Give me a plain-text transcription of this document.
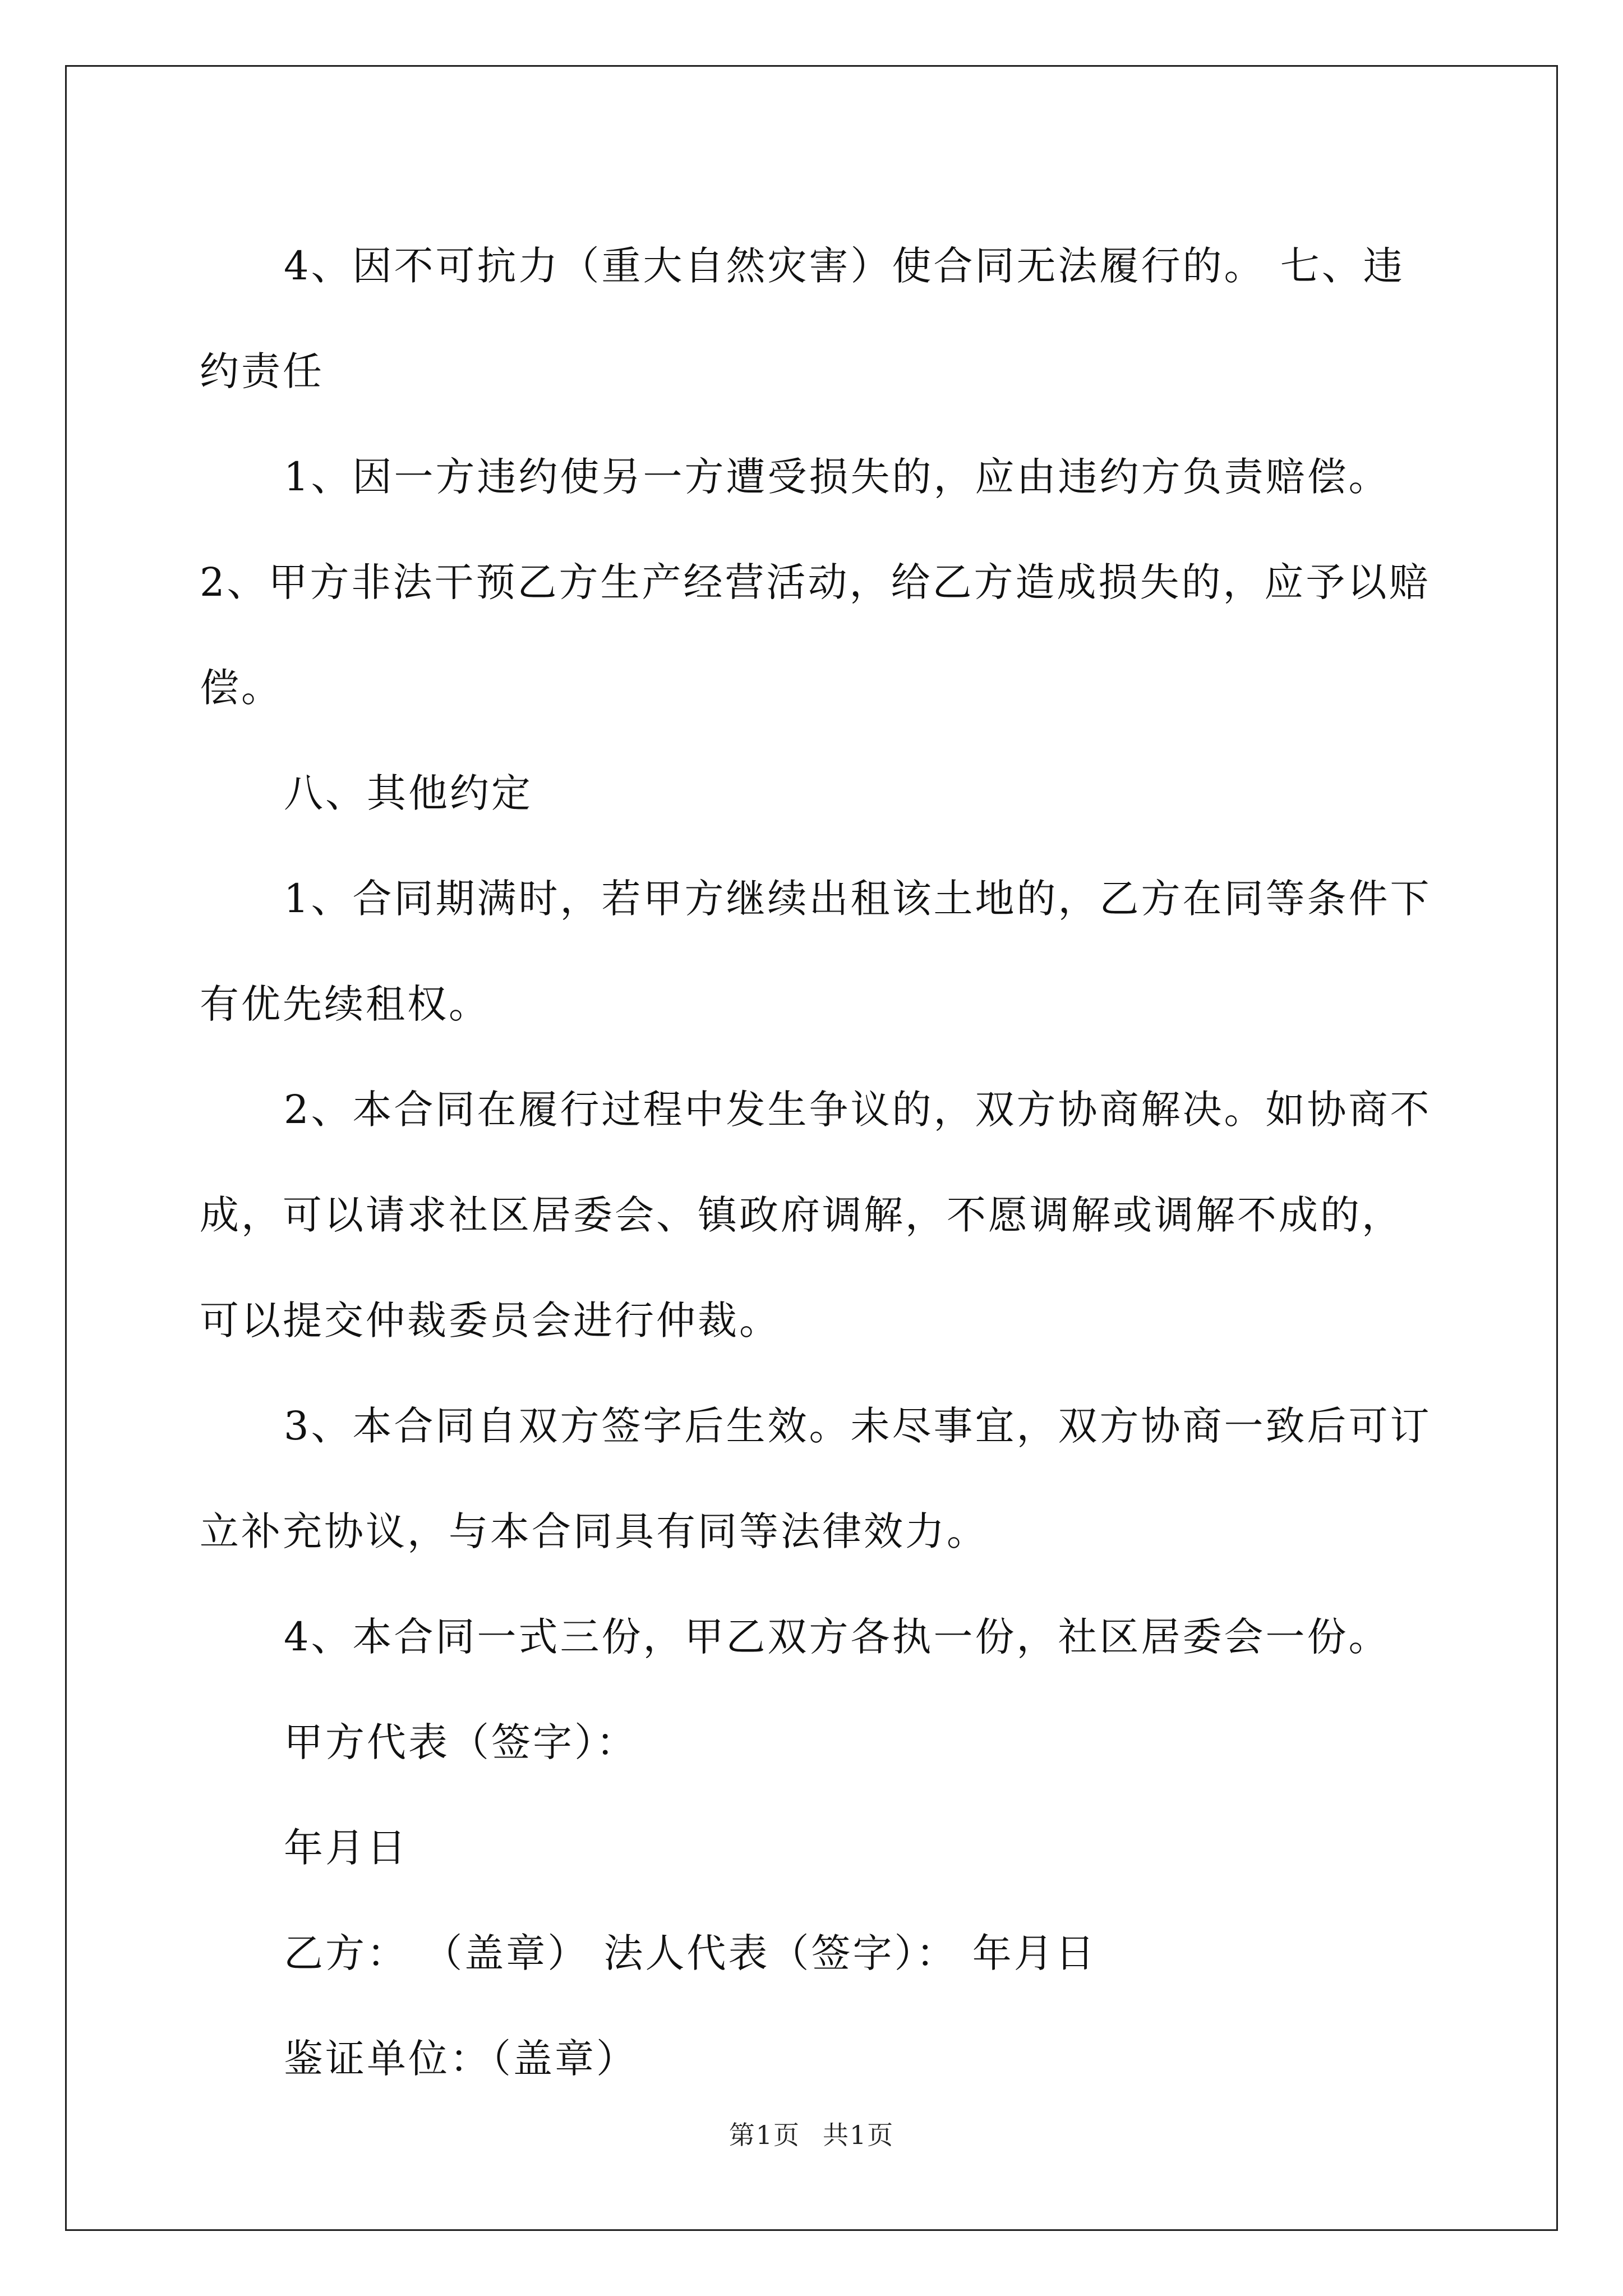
4、因不可抗力（重大自然灾害）使合同无法履行的。 七、违约责任

1、因一方违约使另一方遭受损失的，应由违约方负责赔偿。 2、甲方非法干预乙方生产经营活动，给乙方造成损失的，应予以赔偿。

八、其他约定

1、合同期满时，若甲方继续出租该土地的，乙方在同等条件下有优先续租权。

2、本合同在履行过程中发生争议的，双方协商解决。如协商不成，可以请求社区居委会、镇政府调解，不愿调解或调解不成的，可以提交仲裁委员会进行仲裁。

3、本合同自双方签字后生效。未尽事宜，双方协商一致后可订立补充协议，与本合同具有同等法律效力。

4、本合同一式三份，甲乙双方各执一份，社区居委会一份。

甲方代表（签字）：

年月日

乙方： （盖章） 法人代表（签字）： 年月日

鉴证单位：（盖章）

第1页 共1页
